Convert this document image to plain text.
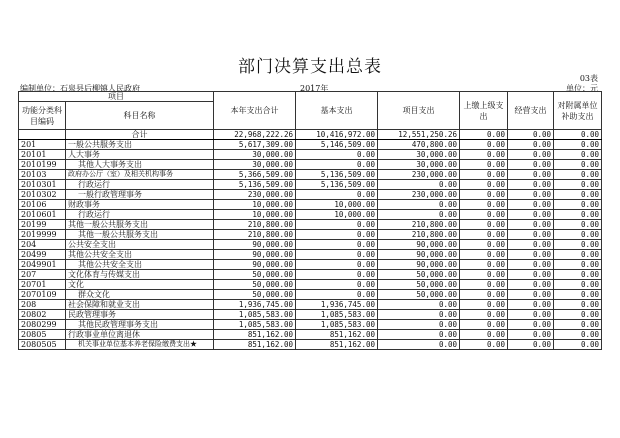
部门决算支出总表
03表
编制单位：石泉县后柳镇人民政府	2017年	单位：元
项目		本年支出合计	基本支出	项目支出	上缴上级支出	经营支出	对附属单位补助支出
功能分类科目编码	科目名称						
	合计	22,968,222.26	10,416,972.00	12,551,250.26	0.00	0.00	0.00
201	一般公共服务支出	5,617,309.00	5,146,509.00	470,800.00	0.00	0.00	0.00
20101	人大事务	30,000.00	0.00	30,000.00	0.00	0.00	0.00
2010199	其他人大事务支出	30,000.00	0.00	30,000.00	0.00	0.00	0.00
20103	政府办公厅（室）及相关机构事务	5,366,509.00	5,136,509.00	230,000.00	0.00	0.00	0.00
2010301	行政运行	5,136,509.00	5,136,509.00	0.00	0.00	0.00	0.00
2010302	一般行政管理事务	230,000.00	0.00	230,000.00	0.00	0.00	0.00
20106	财政事务	10,000.00	10,000.00	0.00	0.00	0.00	0.00
2010601	行政运行	10,000.00	10,000.00	0.00	0.00	0.00	0.00
20199	其他一般公共服务支出	210,800.00	0.00	210,800.00	0.00	0.00	0.00
2019999	其他一般公共服务支出	210,800.00	0.00	210,800.00	0.00	0.00	0.00
204	公共安全支出	90,000.00	0.00	90,000.00	0.00	0.00	0.00
20499	其他公共安全支出	90,000.00	0.00	90,000.00	0.00	0.00	0.00
2049901	其他公共安全支出	90,000.00	0.00	90,000.00	0.00	0.00	0.00
207	文化体育与传媒支出	50,000.00	0.00	50,000.00	0.00	0.00	0.00
20701	文化	50,000.00	0.00	50,000.00	0.00	0.00	0.00
2070109	群众文化	50,000.00	0.00	50,000.00	0.00	0.00	0.00
208	社会保障和就业支出	1,936,745.00	1,936,745.00	0.00	0.00	0.00	0.00
20802	民政管理事务	1,085,583.00	1,085,583.00	0.00	0.00	0.00	0.00
2080299	其他民政管理事务支出	1,085,583.00	1,085,583.00	0.00	0.00	0.00	0.00
20805	行政事业单位离退休	851,162.00	851,162.00	0.00	0.00	0.00	0.00
2080505	机关事业单位基本养老保险缴费支出★	851,162.00	851,162.00	0.00	0.00	0.00	0.00
